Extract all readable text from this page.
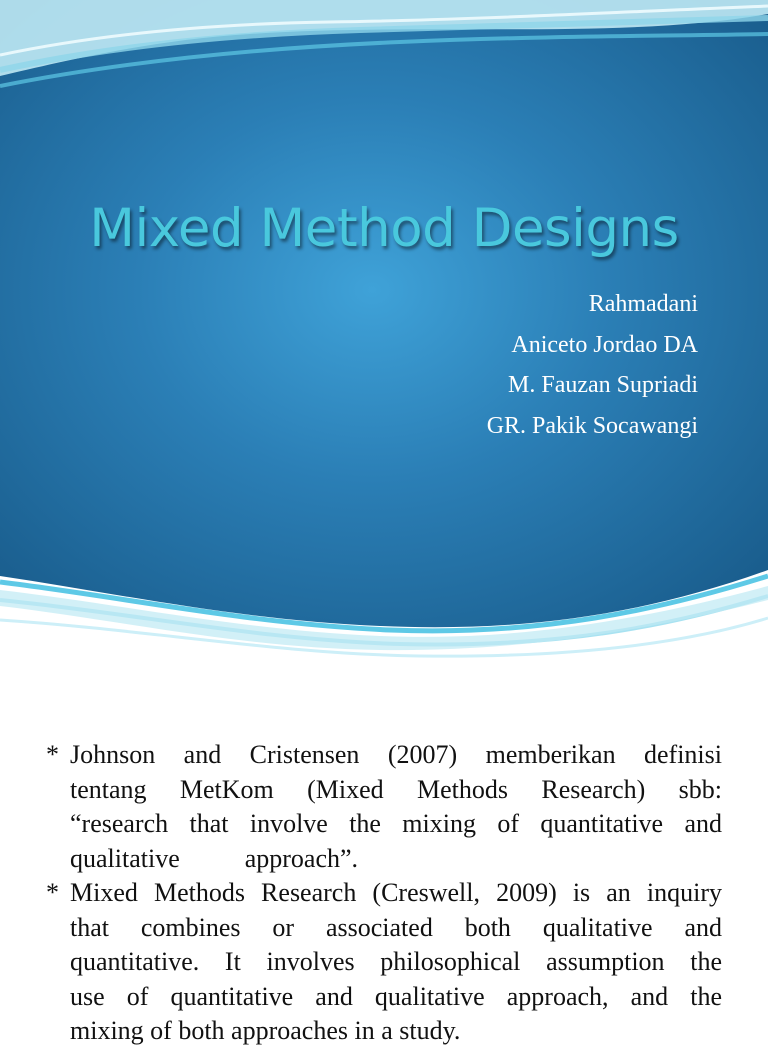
Mixed Method Designs
Rahmadani
Aniceto Jordao DA
M. Fauzan Supriadi
GR. Pakik Socawangi
* Johnson and Cristensen (2007) memberikan definisi
tentang MetKom (Mixed Methods Research) sbb:
“research that involve the mixing of quantitative and
qualitative          approach”.
* Mixed Methods Research (Creswell, 2009) is an inquiry
that combines or associated both qualitative and
quantitative. It involves philosophical assumption the
use of quantitative and qualitative approach, and the
mixing of both approaches in a study.
